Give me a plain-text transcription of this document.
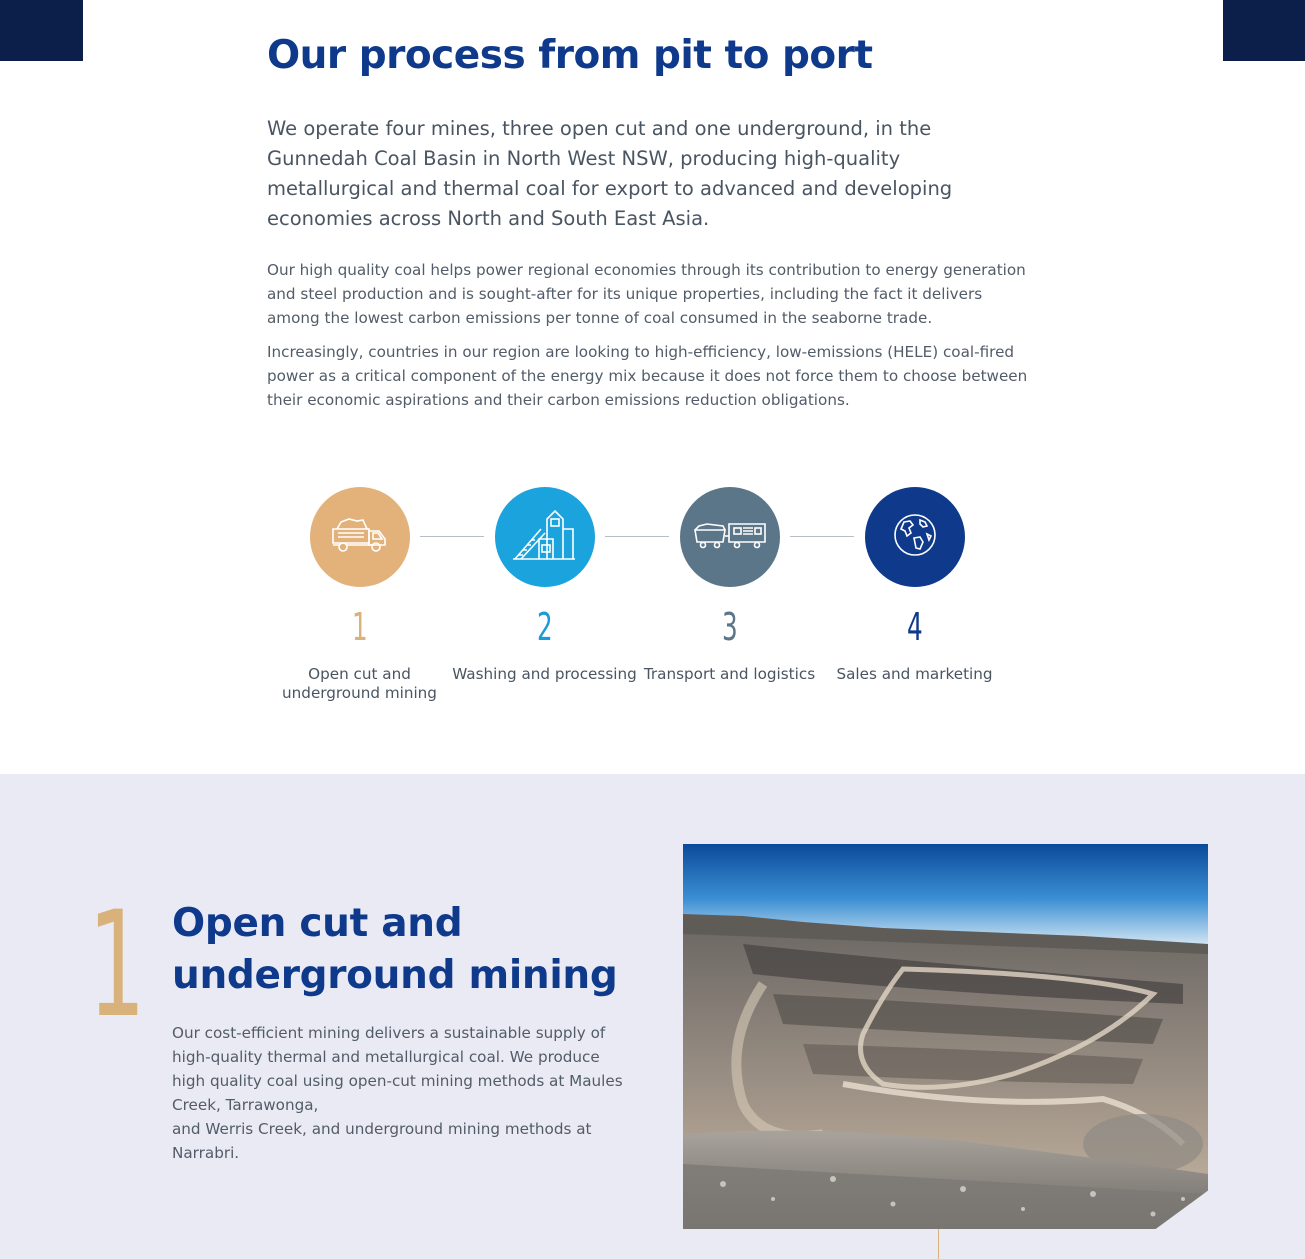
Our process from pit to port

We operate four mines, three open cut and one underground, in the Gunnedah Coal Basin in North West NSW, producing high-quality metallurgical and thermal coal for export to advanced and developing economies across North and South East Asia.

Our high quality coal helps power regional economies through its contribution to energy generation and steel production and is sought-after for its unique properties, including the fact it delivers among the lowest carbon emissions per tonne of coal consumed in the seaborne trade.

Increasingly, countries in our region are looking to high-efficiency, low-emissions (HELE) coal-fired power as a critical component of the energy mix because it does not force them to choose between their economic aspirations and their carbon emissions reduction obligations.

1
Open cut and underground mining
2
Washing and processing
3
Transport and logistics
4
Sales and marketing
1 Open cut and underground mining
Our cost-efficient mining delivers a sustainable supply of high-quality thermal and metallurgical coal. We produce high quality coal using open-cut mining methods at Maules Creek, Tarrawonga,
and Werris Creek, and underground mining methods at Narrabri.
